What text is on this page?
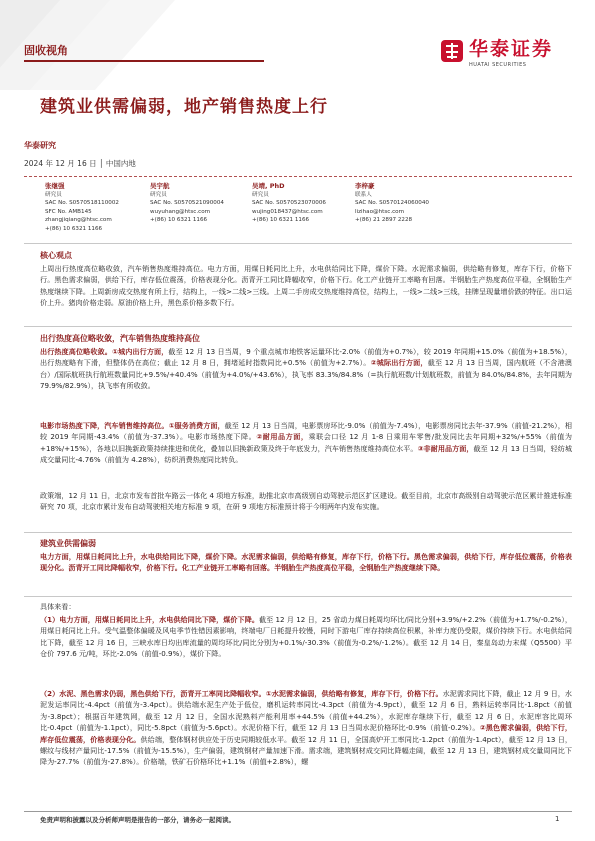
固收视角	华泰证券
HUATAI SECURITIES
建筑业供需偏弱，地产销售热度上行
华泰研究
2024 年 12 月 16 日 │ 中国内地
张继强
研究员
SAC No. S0570518110002
SFC No. AMB145
zhangjiqiang@htsc.com
+(86) 10 6321 1166
吴宇航
研究员
SAC No. S0570521090004
wuyuhang@htsc.com
+(86) 10 6321 1166
吴靖, PhD
研究员
SAC No. S0570523070006
wujing018437@htsc.com
+(86) 10 6321 1166
李梓豪
联系人
SAC No. S0570124060040
lizihao@htsc.com
+(86) 21 2897 2228
核心观点
上周出行热度高位略收敛，汽车销售热度维持高位。电力方面，用煤日耗同比上升，水电供给同比下降，煤价下降。水泥需求偏弱，供给略有修复，库存下行，价格下行。黑色需求偏弱，供给下行，库存低位震荡，价格表现分化。沥青开工同比降幅收窄，价格下行。化工产业链开工率略有回落。半钢胎生产热度高位平稳，全钢胎生产热度继续下降。上周新房成交热度有所上行，结构上，一线>二线>三线。上周二手房成交热度维持高位，结构上，一线>二线>三线，挂牌呈现量增价跌的特征。出口运价上升。猪肉价格走弱。原油价格上升，黑色系价格多数下行。
出行热度高位略收敛，汽车销售热度维持高位
出行热度高位略收敛。①城内出行方面，截至 12 月 13 日当周，9 个重点城市地铁客运量环比-2.0%（前值为+0.7%），较 2019 年同期+15.0%（前值为+18.5%），出行热度略有下滑，但整体仍在高位；截止 12 月 8 日，拥堵延时指数同比+0.5%（前值为+2.7%）。②城际出行方面，截至 12 月 13 日当周，国内航班（不含港澳台）/国际航班执行航班数量同比+9.5%/+40.4%（前值为+4.0%/+43.6%），执飞率 83.3%/84.8%（=执行航班数/计划航班数，前值为 84.0%/84.8%，去年同期为 79.9%/82.9%），执飞率有所收敛。
电影市场热度下降，汽车销售维持高位。①服务消费方面，截至 12 月 13 日当周，电影票房环比-9.0%（前值为-7.4%），电影票房同比去年-37.9%（前值-21.2%），相较 2019 年同期-43.4%（前值为-37.3%）。电影市场热度下降。②耐用品方面，乘联会口径 12 月 1-8 日乘用车零售/批发同比去年同期+32%/+55%（前值为+18%/+15%），各地以旧换新政策持续推进和优化，叠加以旧换新政策及终于年底发力，汽车销售热度维持高位水平。③非耐用品方面，截至 12 月 13 日当周，轻纺城成交量同比-4.76%（前值为 4.28%），纺织消费热度同比转负。
政策端，12 月 11 日，北京市发布首批车路云一体化 4 项地方标准，助推北京市高级别自动驾驶示范区扩区建设。截至目前，北京市高级别自动驾驶示范区累计推进标准研究 70 项，北京市累计发布自动驾驶相关地方标准 9 项，在研 9 项地方标准预计将于今明两年内发布实施。
建筑业供需偏弱
电力方面，用煤日耗同比上升，水电供给同比下降，煤价下降。水泥需求偏弱，供给略有修复，库存下行，价格下行。黑色需求偏弱，供给下行，库存低位震荡，价格表现分化。沥青开工同比降幅收窄，价格下行。化工产业链开工率略有回落。半钢胎生产热度高位平稳，全钢胎生产热度继续下降。
具体来看：
（1）电力方面，用煤日耗同比上升，水电供给同比下降，煤价下降。截至 12 月 12 日，25 省动力煤日耗周均环比/同比分别+3.9%/+2.2%（前值为+1.7%/-0.2%），用煤日耗同比上升。受气温整体偏暖及风电季节性错因素影响，终端电厂日耗提升较慢，同时下游电厂库存持续高位积累，补库力度仍受限，煤价持续下行。水电供给同比下降，截至 12 月 16 日，三峡水库日均出库流量的周均环比/同比分别为+0.1%/-30.3%（前值为-0.2%/-1.2%）。截至 12 月 14 日，秦皇岛动力末煤（Q5500）平仓价 797.6 元/吨，环比-2.0%（前值-0.9%），煤价下降。
（2）水泥、黑色需求仍弱，黑色供给下行，沥青开工率同比降幅收窄。①水泥需求偏弱，供给略有修复，库存下行，价格下行。水泥需求同比下降，截止 12 月 9 日，水泥发运率同比-4.4pct（前值为-3.4pct）。供给端水泥生产处于低位，磨机运转率同比-4.3pct（前值为-4.9pct），截至 12 月 6 日，熟料运转率同比-1.8pct（前值为-3.8pct）；根据百年建筑网，截至 12 月 12 日，全国水泥熟料产能利用率+44.5%（前值+44.2%），水泥库存继续下行，截至 12 月 6 日，水泥库容比周环比-0.4pct（前值为-1.1pct），同比-5.8pct（前值为-5.6pct）。水泥价格下行，截至 12 月 13 日当周水泥价格环比-0.9%（前值-0.2%）。②黑色需求偏弱，供给下行，库存低位震荡，价格表现分化。供给端，整体钢材供应处于历史同期较低水平。截至 12 月 11 日，全国高炉开工率同比-1.2pct（前值为-1.4pct），截至 12 月 13 日，螺纹与线材产量同比-17.5%（前值为-15.5%），生产偏弱，建筑钢材产量加速下滑。需求端，建筑钢材成交同比降幅走阔，截至 12 月 13 日，建筑钢材成交量周同比下降为-27.7%（前值为-27.8%）。价格端，铁矿石价格环比+1.1%（前值+2.8%），螺
免责声明和披露以及分析师声明是报告的一部分，请务必一起阅读。	1
